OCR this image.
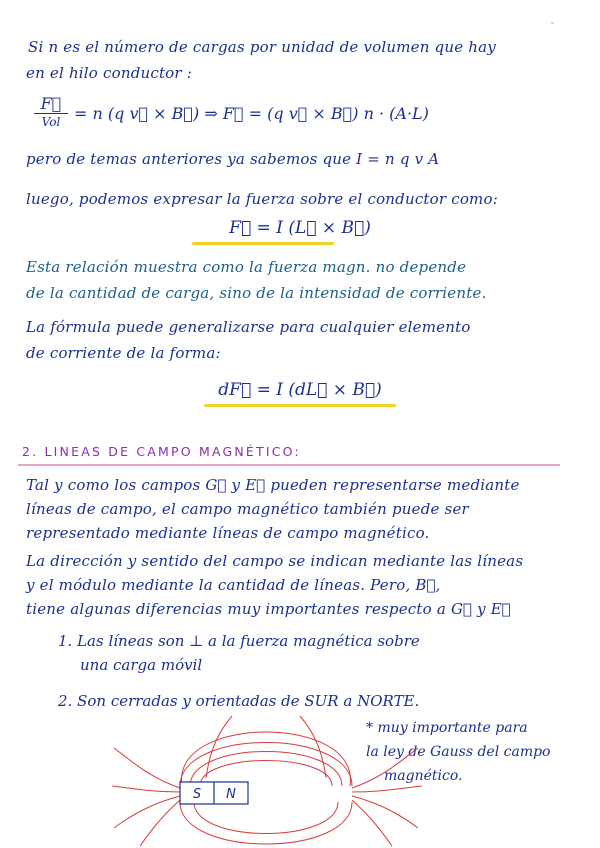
-
Si n es el número de cargas por unidad de volumen que hay
en el hilo conductor :
F⃗
Vol = n (q v⃗ × B⃗) ⇒ F⃗ = (q v⃗ × B⃗) n · (A·L)
pero de temas anteriores ya sabemos que I = n q v A
luego, podemos expresar la fuerza sobre el conductor como:
F⃗ = I (L⃗ × B⃗)
Esta relación muestra como la fuerza magn. no depende
de la cantidad de carga, sino de la intensidad de corriente.
La fórmula puede generalizarse para cualquier elemento
de corriente de la forma:
dF⃗ = I (dL⃗ × B⃗)
2. LINEAS DE CAMPO MAGNÉTICO:
Tal y como los campos G⃗ y E⃗ pueden representarse mediante
líneas de campo, el campo magnético también puede ser
representado mediante líneas de campo magnético.
La dirección y sentido del campo se indican mediante las líneas
y el módulo mediante la cantidad de líneas. Pero, B⃗,
tiene algunas diferencias muy importantes respecto a G⃗ y E⃗
1. Las líneas son ⊥ a la fuerza magnética sobre
una carga móvil
2. Son cerradas y orientadas de SUR a NORTE.
* muy importante para
la ley de Gauss del campo
magnético.
S N
